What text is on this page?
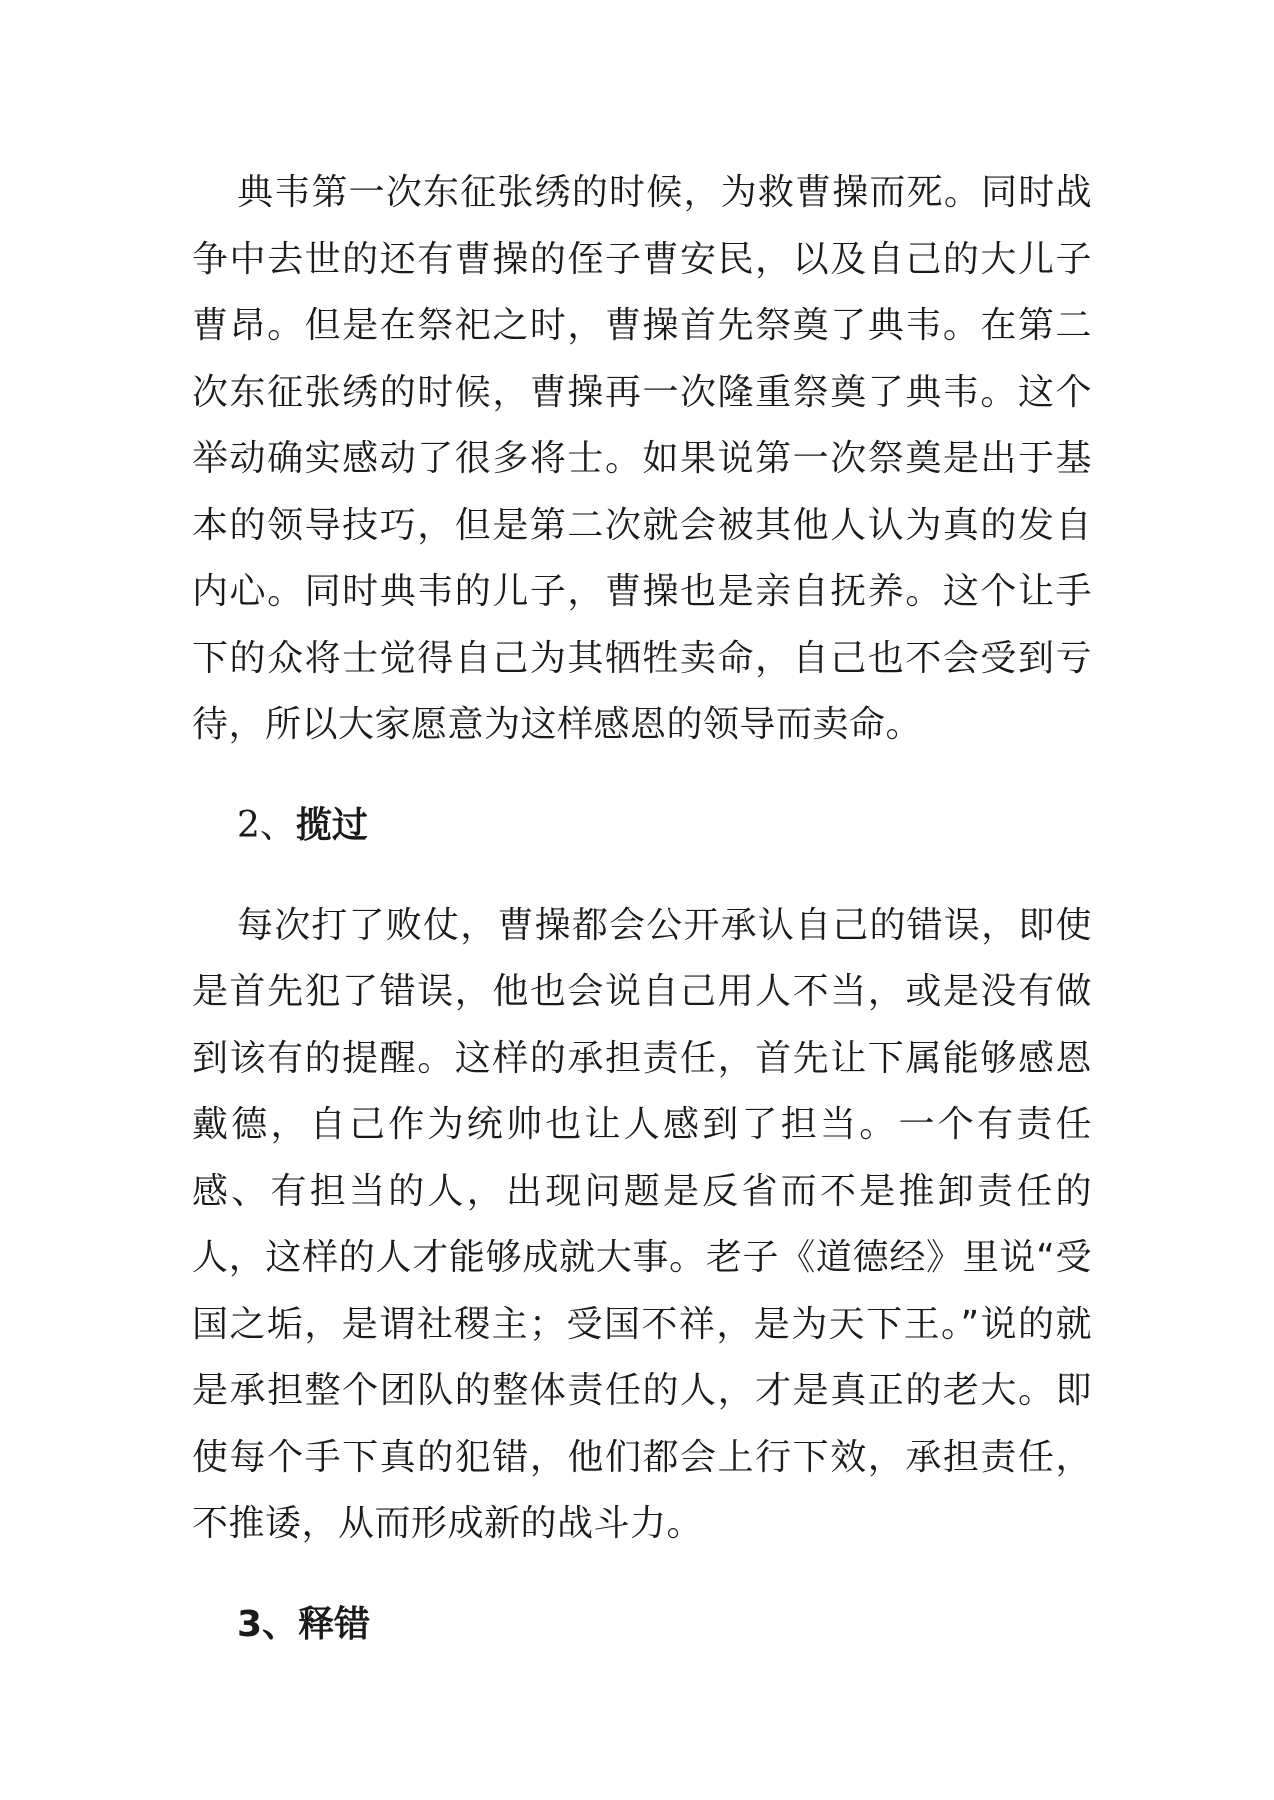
典韦第一次东征张绣的时候，为救曹操而死。同时战争中去世的还有曹操的侄子曹安民，以及自己的大儿子曹昂。但是在祭祀之时，曹操首先祭奠了典韦。在第二次东征张绣的时候，曹操再一次隆重祭奠了典韦。这个举动确实感动了很多将士。如果说第一次祭奠是出于基本的领导技巧，但是第二次就会被其他人认为真的发自内心。同时典韦的儿子，曹操也是亲自抚养。这个让手下的众将士觉得自己为其牺牲卖命，自己也不会受到亏待，所以大家愿意为这样感恩的领导而卖命。

2、揽过

每次打了败仗，曹操都会公开承认自己的错误，即使是首先犯了错误，他也会说自己用人不当，或是没有做到该有的提醒。这样的承担责任，首先让下属能够感恩戴德，自己作为统帅也让人感到了担当。一个有责任感、有担当的人，出现问题是反省而不是推卸责任的人，这样的人才能够成就大事。老子《道德经》里说“受国之垢，是谓社稷主；受国不祥，是为天下王。”说的就是承担整个团队的整体责任的人，才是真正的老大。即使每个手下真的犯错，他们都会上行下效，承担责任，不推诿，从而形成新的战斗力。

3、释错
